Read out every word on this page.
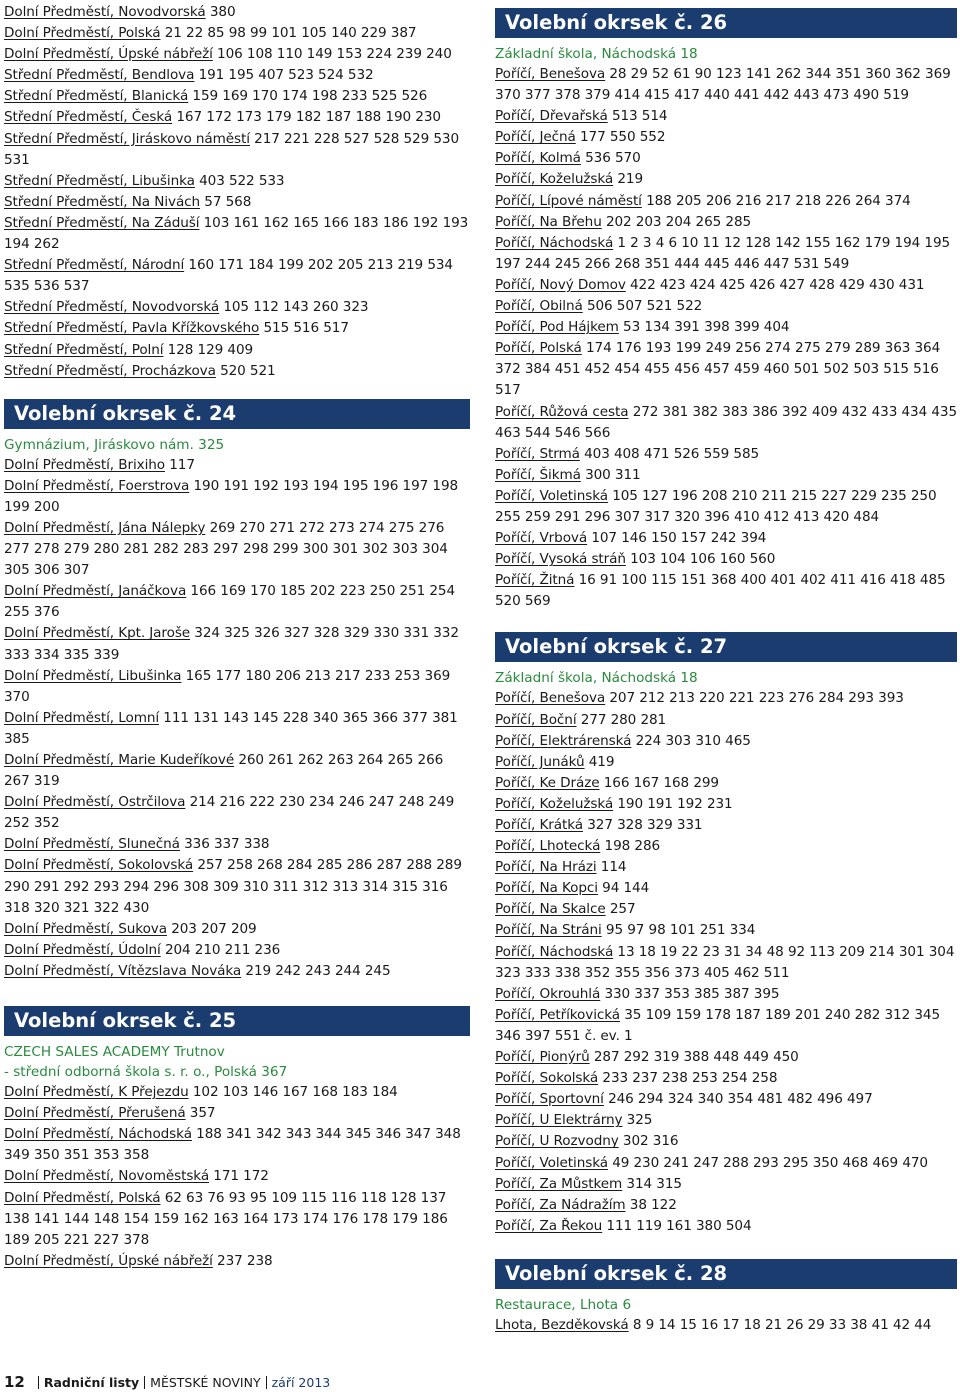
Dolní Předměstí, Novodvorská 380

Dolní Předměstí, Polská 21 22 85 98 99 101 105 140 229 387

Dolní Předměstí, Úpské nábřeží 106 108 110 149 153 224 239 240

Střední Předměstí, Bendlova 191 195 407 523 524 532

Střední Předměstí, Blanická 159 169 170 174 198 233 525 526

Střední Předměstí, Česká 167 172 173 179 182 187 188 190 230

Střední Předměstí, Jiráskovo náměstí 217 221 228 527 528 529 530 531

Střední Předměstí, Libušinka 403 522 533

Střední Předměstí, Na Nivách 57 568

Střední Předměstí, Na Záduší 103 161 162 165 166 183 186 192 193 194 262

Střední Předměstí, Národní 160 171 184 199 202 205 213 219 534 535 536 537

Střední Předměstí, Novodvorská 105 112 143 260 323

Střední Předměstí, Pavla Křížkovského 515 516 517

Střední Předměstí, Polní 128 129 409

Střední Předměstí, Procházkova 520 521

Volební okrsek č. 24

Gymnázium, Jiráskovo nám. 325

Dolní Předměstí, Brixiho 117

Dolní Předměstí, Foerstrova 190 191 192 193 194 195 196 197 198 199 200

Dolní Předměstí, Jána Nálepky 269 270 271 272 273 274 275 276 277 278 279 280 281 282 283 297 298 299 300 301 302 303 304 305 306 307

Dolní Předměstí, Janáčkova 166 169 170 185 202 223 250 251 254 255 376

Dolní Předměstí, Kpt. Jaroše 324 325 326 327 328 329 330 331 332 333 334 335 339

Dolní Předměstí, Libušinka 165 177 180 206 213 217 233 253 369 370

Dolní Předměstí, Lomní 111 131 143 145 228 340 365 366 377 381 385

Dolní Předměstí, Marie Kudeříkové 260 261 262 263 264 265 266 267 319

Dolní Předměstí, Ostrčilova 214 216 222 230 234 246 247 248 249 252 352

Dolní Předměstí, Slunečná 336 337 338

Dolní Předměstí, Sokolovská 257 258 268 284 285 286 287 288 289 290 291 292 293 294 296 308 309 310 311 312 313 314 315 316 318 320 321 322 430

Dolní Předměstí, Sukova 203 207 209

Dolní Předměstí, Údolní 204 210 211 236

Dolní Předměstí, Vítězslava Nováka 219 242 243 244 245

Volební okrsek č. 25

CZECH SALES ACADEMY Trutnov

- střední odborná škola s. r. o., Polská 367

Dolní Předměstí, K Přejezdu 102 103 146 167 168 183 184

Dolní Předměstí, Přerušená 357

Dolní Předměstí, Náchodská 188 341 342 343 344 345 346 347 348 349 350 351 353 358

Dolní Předměstí, Novoměstská 171 172

Dolní Předměstí, Polská 62 63 76 93 95 109 115 116 118 128 137 138 141 144 148 154 159 162 163 164 173 174 176 178 179 186 189 205 221 227 378

Dolní Předměstí, Úpské nábřeží 237 238

Volební okrsek č. 26

Základní škola, Náchodská 18

Poříčí, Benešova 28 29 52 61 90 123 141 262 344 351 360 362 369 370 377 378 379 414 415 417 440 441 442 443 473 490 519

Poříčí, Dřevařská 513 514

Poříčí, Ječná 177 550 552

Poříčí, Kolmá 536 570

Poříčí, Koželužská 219

Poříčí, Lípové náměstí 188 205 206 216 217 218 226 264 374

Poříčí, Na Břehu 202 203 204 265 285

Poříčí, Náchodská 1 2 3 4 6 10 11 12 128 142 155 162 179 194 195 197 244 245 266 268 351 444 445 446 447 531 549

Poříčí, Nový Domov 422 423 424 425 426 427 428 429 430 431

Poříčí, Obilná 506 507 521 522

Poříčí, Pod Hájkem 53 134 391 398 399 404

Poříčí, Polská 174 176 193 199 249 256 274 275 279 289 363 364 372 384 451 452 454 455 456 457 459 460 501 502 503 515 516 517

Poříčí, Růžová cesta 272 381 382 383 386 392 409 432 433 434 435 463 544 546 566

Poříčí, Strmá 403 408 471 526 559 585

Poříčí, Šikmá 300 311

Poříčí, Voletinská 105 127 196 208 210 211 215 227 229 235 250 255 259 291 296 307 317 320 396 410 412 413 420 484

Poříčí, Vrbová 107 146 150 157 242 394

Poříčí, Vysoká stráň 103 104 106 160 560

Poříčí, Žitná 16 91 100 115 151 368 400 401 402 411 416 418 485 520 569

Volební okrsek č. 27

Základní škola, Náchodská 18

Poříčí, Benešova 207 212 213 220 221 223 276 284 293 393

Poříčí, Boční 277 280 281

Poříčí, Elektrárenská 224 303 310 465

Poříčí, Junáků 419

Poříčí, Ke Dráze 166 167 168 299

Poříčí, Koželužská 190 191 192 231

Poříčí, Krátká 327 328 329 331

Poříčí, Lhotecká 198 286

Poříčí, Na Hrázi 114

Poříčí, Na Kopci 94 144

Poříčí, Na Skalce 257

Poříčí, Na Stráni 95 97 98 101 251 334

Poříčí, Náchodská 13 18 19 22 23 31 34 48 92 113 209 214 301 304 323 333 338 352 355 356 373 405 462 511

Poříčí, Okrouhlá 330 337 353 385 387 395

Poříčí, Petříkovická 35 109 159 178 187 189 201 240 282 312 345 346 397 551 č. ev. 1

Poříčí, Pionýrů 287 292 319 388 448 449 450

Poříčí, Sokolská 233 237 238 253 254 258

Poříčí, Sportovní 246 294 324 340 354 481 482 496 497

Poříčí, U Elektrárny 325

Poříčí, U Rozvodny 302 316

Poříčí, Voletinská 49 230 241 247 288 293 295 350 468 469 470

Poříčí, Za Můstkem 314 315

Poříčí, Za Nádražím 38 122

Poříčí, Za Řekou 111 119 161 380 504

Volební okrsek č. 28

Restaurace, Lhota 6

Lhota, Bezděkovská 8 9 14 15 16 17 18 21 26 29 33 38 41 42 44

12 Radniční listy MĚSTSKÉ NOVINY září 2013
